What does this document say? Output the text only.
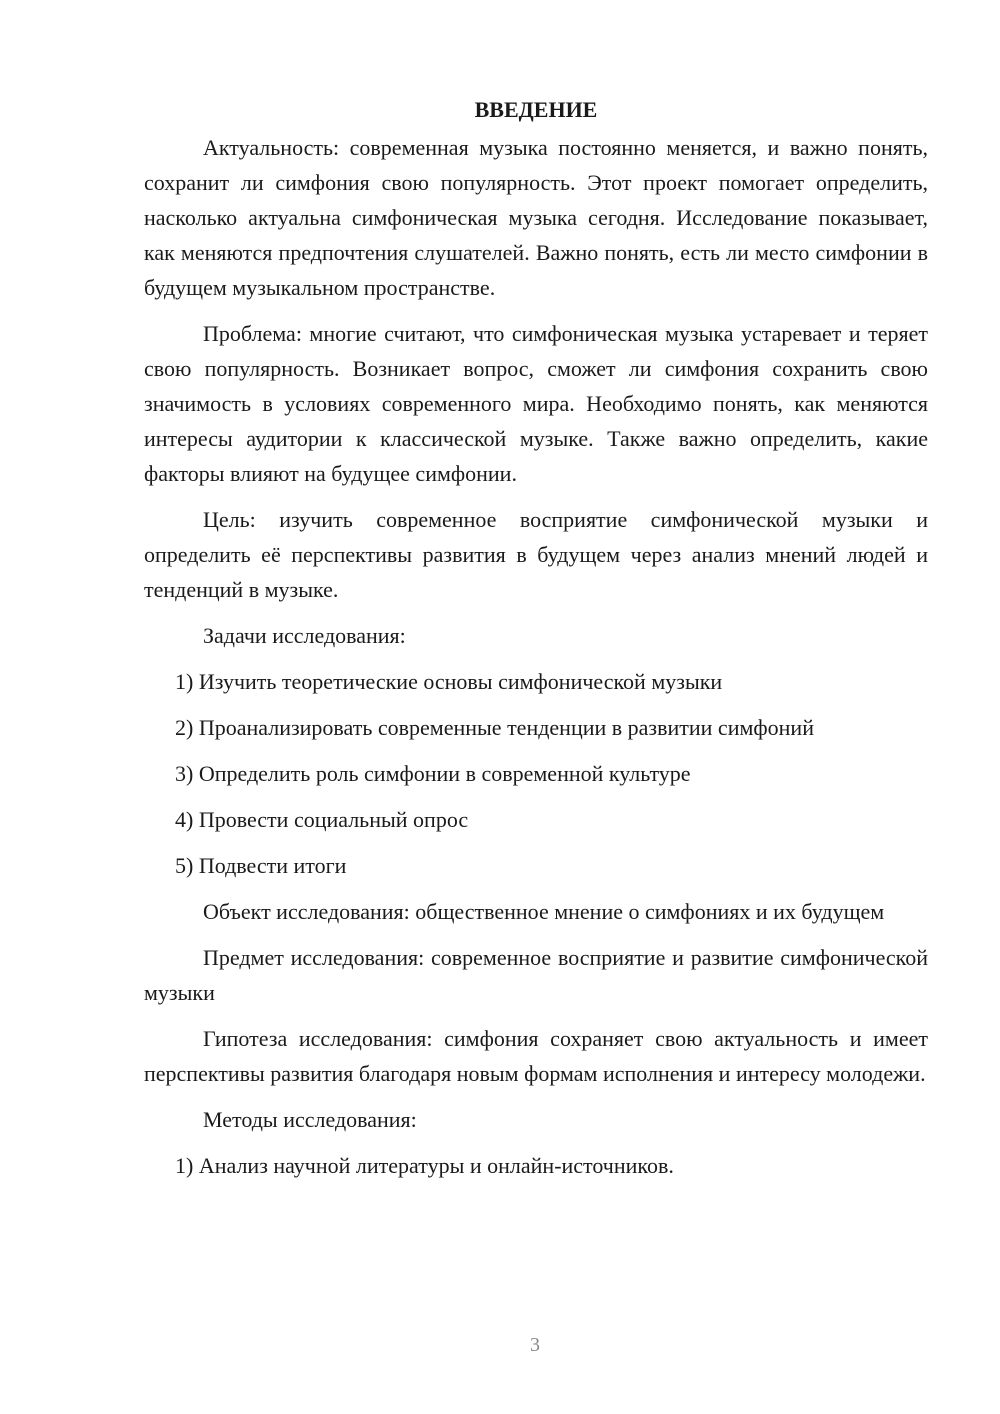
ВВЕДЕНИЕ

Актуальность: современная музыка постоянно меняется, и важно понять, сохранит ли симфония свою популярность. Этот проект помогает определить, насколько актуальна симфоническая музыка сегодня. Исследование показывает, как меняются предпочтения слушателей. Важно понять, есть ли место симфонии в будущем музыкальном пространстве.

Проблема: многие считают, что симфоническая музыка устаревает и теряет свою популярность. Возникает вопрос, сможет ли симфония сохранить свою значимость в условиях современного мира. Необходимо понять, как меняются интересы аудитории к классической музыке. Также важно определить, какие факторы влияют на будущее симфонии.

Цель: изучить современное восприятие симфонической музыки и определить её перспективы развития в будущем через анализ мнений людей и тенденций в музыке.

Задачи исследования:

1) Изучить теоретические основы симфонической музыки

2) Проанализировать современные тенденции в развитии симфоний

3) Определить роль симфонии в современной культуре

4) Провести социальный опрос

5) Подвести итоги

Объект исследования: общественное мнение о симфониях и их будущем

Предмет исследования: современное восприятие и развитие симфонической музыки

Гипотеза исследования: симфония сохраняет свою актуальность и имеет перспективы развития благодаря новым формам исполнения и интересу молодежи.

Методы исследования:

1) Анализ научной литературы и онлайн-источников.

3
